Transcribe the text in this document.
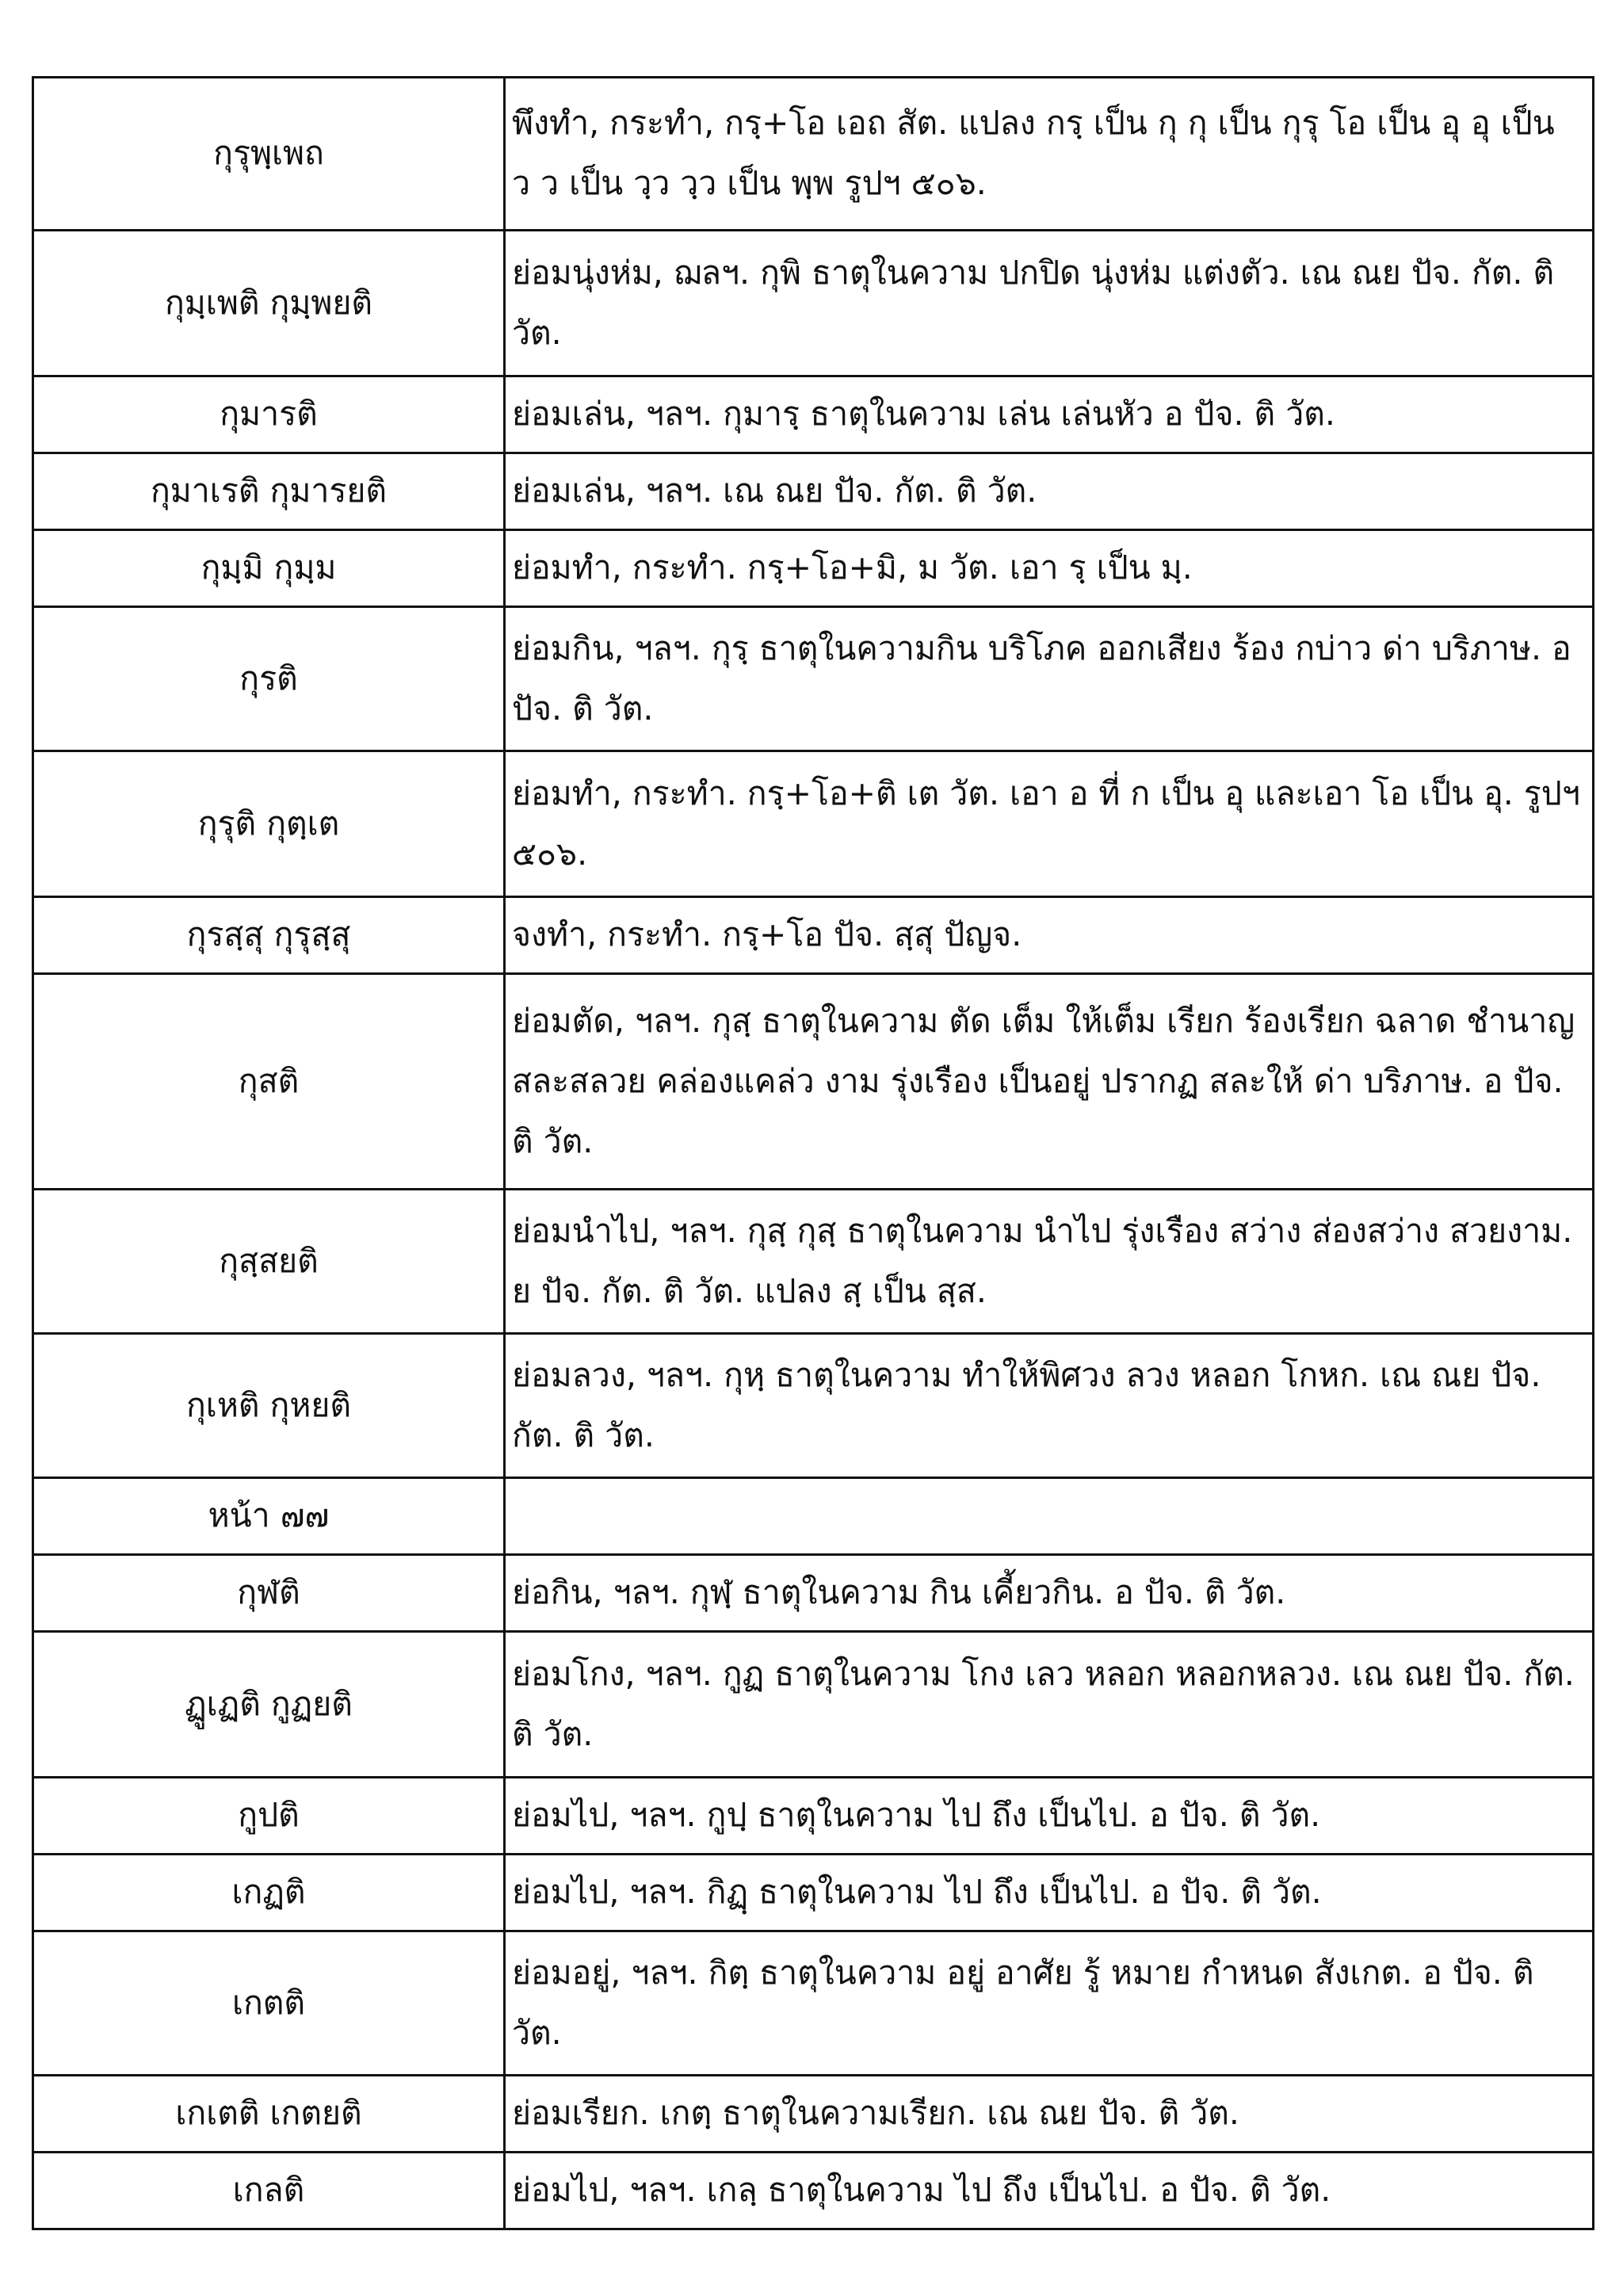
กุรุพฺเพถ	พึงทำ, กระทำ, กรฺ+โอ เอถ สัต. แปลง กรฺ เป็น กุ กุ เป็น กุรุ โอ เป็น อุ อุ เป็น ว ว เป็น วฺว วฺว เป็น พฺพ รูปฯ ๕๐๖.
กุมฺเพติ กุมฺพยติ	ย่อมนุ่งห่ม, ฌลฯ. กุพิ ธาตุในความ ปกปิด นุ่งห่ม แต่งตัว. เณ ณย ปัจ. กัต. ติ วัต.
กุมารติ	ย่อมเล่น, ฯลฯ. กุมารฺ ธาตุในความ เล่น เล่นหัว อ ปัจ. ติ วัต.
กุมาเรติ กุมารยติ	ย่อมเล่น, ฯลฯ. เณ ณย ปัจ. กัต. ติ วัต.
กุมฺมิ กุมฺม	ย่อมทำ, กระทำ. กรฺ+โอ+มิ, ม วัต. เอา รฺ เป็น มฺ.
กุรติ	ย่อมกิน, ฯลฯ. กุรฺ ธาตุในความกิน บริโภค ออกเสียง ร้อง กบ่าว ด่า บริภาษ. อ ปัจ. ติ วัต.
กุรุติ กุตฺเต	ย่อมทำ, กระทำ. กรฺ+โอ+ติ เต วัต. เอา อ ที่ ก เป็น อุ และเอา โอ เป็น อุ. รูปฯ ๕๐๖.
กุรสฺสุ กุรุสฺสุ	จงทำ, กระทำ. กรฺ+โอ ปัจ. สฺสุ ปัญจ.
กุสติ	ย่อมตัด, ฯลฯ. กุสฺ ธาตุในความ ตัด เต็ม ให้เต็ม เรียก ร้องเรียก ฉลาด ชำนาญ สละสลวย คล่องแคล่ว งาม รุ่งเรือง เป็นอยู่ ปรากฏ สละให้ ด่า บริภาษ. อ ปัจ. ติ วัต.
กุสฺสยติ	ย่อมนำไป, ฯลฯ. กุสฺ กุสฺ ธาตุในความ นำไป รุ่งเรือง สว่าง ส่องสว่าง สวยงาม. ย ปัจ. กัต. ติ วัต. แปลง สฺ เป็น สฺส.
กุเหติ กุหยติ	ย่อมลวง, ฯลฯ. กุหฺ ธาตุในความ ทำให้พิศวง ลวง หลอก โกหก. เณ ณย ปัจ. กัต. ติ วัต.
หน้า ๗๗	
กุฬติ	ย่อกิน, ฯลฯ. กุฬฺ ธาตุในความ กิน เคี้ยวกิน. อ ปัจ. ติ วัต.
ฏูเฏติ กูฏยติ	ย่อมโกง, ฯลฯ. กูฏ ธาตุในความ โกง เลว หลอก หลอกหลวง. เณ ณย ปัจ. กัต. ติ วัต.
กูปติ	ย่อมไป, ฯลฯ. กูปฺ ธาตุในความ ไป ถึง เป็นไป. อ ปัจ. ติ วัต.
เกฏติ	ย่อมไป, ฯลฯ. กิฏฺ ธาตุในความ ไป ถึง เป็นไป. อ ปัจ. ติ วัต.
เกตติ	ย่อมอยู่, ฯลฯ. กิตฺ ธาตุในความ อยู่ อาศัย รู้ หมาย กำหนด สังเกต. อ ปัจ. ติ วัต.
เกเตติ เกตยติ	ย่อมเรียก. เกตฺ ธาตุในความเรียก. เณ ณย ปัจ. ติ วัต.
เกลติ	ย่อมไป, ฯลฯ. เกลฺ ธาตุในความ ไป ถึง เป็นไป. อ ปัจ. ติ วัต.
